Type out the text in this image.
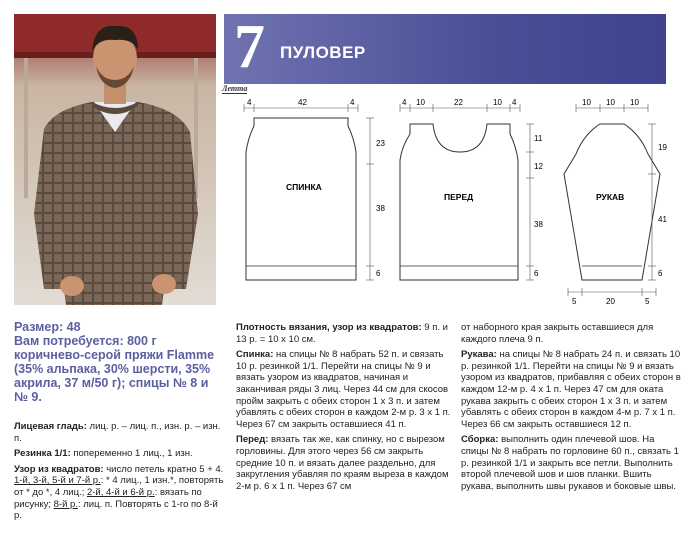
7 ПУЛОВЕР
Летта
4	42	4
СПИНКА
23
38
6
4 10	22	10 4
ПЕРЕД
11
12
38
6
10 10 10
РУКАВ
19
41
6
5	20	5
Размер: 48
Вам потребуется: 800 г коричнево-серой пряжи Flamme (35% альпака, 30% шерсти, 35% акрила, 37 м/50 г); спицы № 8 и № 9.

Лицевая гладь: лиц. р. – лиц. п., изн. р. – изн. п.

Резинка 1/1: попеременно 1 лиц., 1 изн.

Узор из квадратов: число петель кратно 5 + 4. 1-й, 3-й, 5-й и 7-й р.: * 4 лиц., 1 изн.*, повторять от * до *, 4 лиц.; 2-й, 4-й и 6-й р.: вязать по рисунку; 8-й р.: лиц. п. Повторять с 1-го по 8-й р.

Плотность вязания, узор из квадратов: 9 п. и 13 р. = 10 х 10 см.

Спинка: на спицы № 8 набрать 52 п. и связать 10 р. резинкой 1/1. Перейти на спицы № 9 и вязать узором из квадратов, начиная и заканчивая ряды 3 лиц. Через 44 см для скосов пройм закрыть с обеих сторон 1 х 3 п. и затем убавлять с обеих сторон в каждом 2-м р. 3 х 1 п. Через 67 см закрыть оставшиеся 41 п.

Перед: вязать так же, как спинку, но с вырезом горловины. Для этого через 56 см закрыть средние 10 п. и вязать далее раздельно, для закругления убавляя по краям выреза в каждом 2-м р. 6 х 1 п. Через 67 см

от наборного края закрыть оставшиеся для каждого плеча 9 п.

Рукава: на спицы № 8 набрать 24 п. и связать 10 р. резинкой 1/1. Перейти на спицы № 9 и вязать узором из квадратов, прибавляя с обеих сторон в каждом 12-м р. 4 х 1 п. Через 47 см для оката рукава закрыть с обеих сторон 1 х 3 п. и затем убавлять с обеих сторон в каждом 4-м р. 7 х 1 п. Через 66 см закрыть оставшиеся 12 п.

Сборка: выполнить один плечевой шов. На спицы № 8 набрать по горловине 60 п., связать 1 р. резинкой 1/1 и закрыть все петли. Выполнить второй плечевой шов и шов планки. Вшить рукава, выполнить швы рукавов и боковые швы.
